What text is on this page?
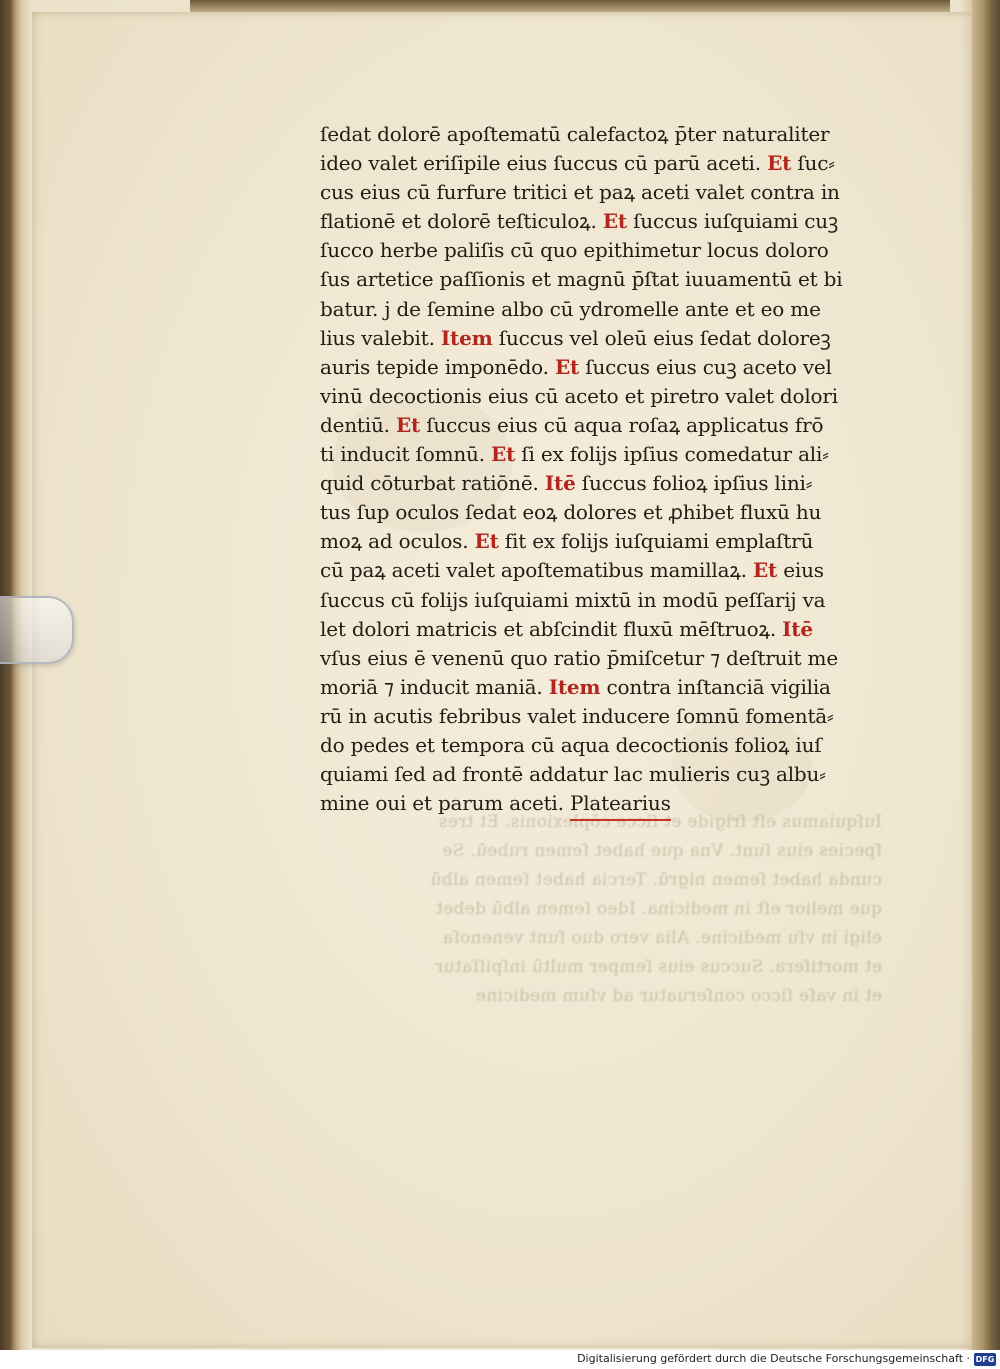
Iuſquiamus eſt frigide et ſicce cōplexionis. Et tres
ſpecies eius ſunt. Vna que habet ſemen rubeū. Se
cunda habet ſemen nigrū. Tercia habet ſemen albū
que melior eſt in medicina. Ideo ſemen albū debet
eligi in vſu medicine. Alia vero duo ſunt venenoſa
et mortifera. Succus eius ſemper multū inſpiſſatur
et in vaſe ſicco conſeruatur ad vſum medicine
ſedat dolorē apoſtematū calefactoꝝ p̄ter naturaliter
ideo valet eriſipile eius ſuccus cū parū aceti. Et ſuc⸗
cus eius cū furfure tritici et paꝝ aceti valet contra in
flationē et dolorē teſticuloꝝ. Et ſuccus iuſquiami cuꝫ
ſucco herbe paliſis cū quo epithimetur locus doloro
ſus artetice paſſionis et magnū p̄ſtat iuuamentū et bi
batur. j de ſemine albo cū ydromelle ante et eo me
lius valebit. Item ſuccus vel oleū eius ſedat doloreꝫ
auris tepide imponēdo. Et ſuccus eius cuꝫ aceto vel
vinū decoctionis eius cū aceto et piretro valet dolori
dentiū. Et ſuccus eius cū aqua roſaꝝ applicatus frō
ti inducit ſomnū. Et ſi ex folijs ipſius comedatur ali⸗
quid cōturbat ratiōnē. Itē ſuccus folioꝝ ipſius lini⸗
tus ſup oculos ſedat eoꝝ dolores et ꝓhibet fluxū hu
moꝝ ad oculos. Et fit ex folijs iuſquiami emplaſtrū
cū paꝝ aceti valet apoſtematibus mamillaꝝ. Et eius
ſuccus cū folijs iuſquiami mixtū in modū peſſarij va
let dolori matricis et abſcindit fluxū mēſtruoꝝ. Itē
vſus eius ē venenū quo ratio p̄miſcetur ⁊ deſtruit me
moriā ⁊ inducit maniā. Item contra inſtanciā vigilia
rū in acutis febribus valet inducere ſomnū fomentā⸗
do pedes et tempora cū aqua decoctionis folioꝝ iuſ
quiami ſed ad frontē addatur lac mulieris cuꝫ albu⸗
mine oui et parum aceti. Platearius
Digitalisierung gefördert durch die Deutsche Forschungsgemeinschaft · DFG
